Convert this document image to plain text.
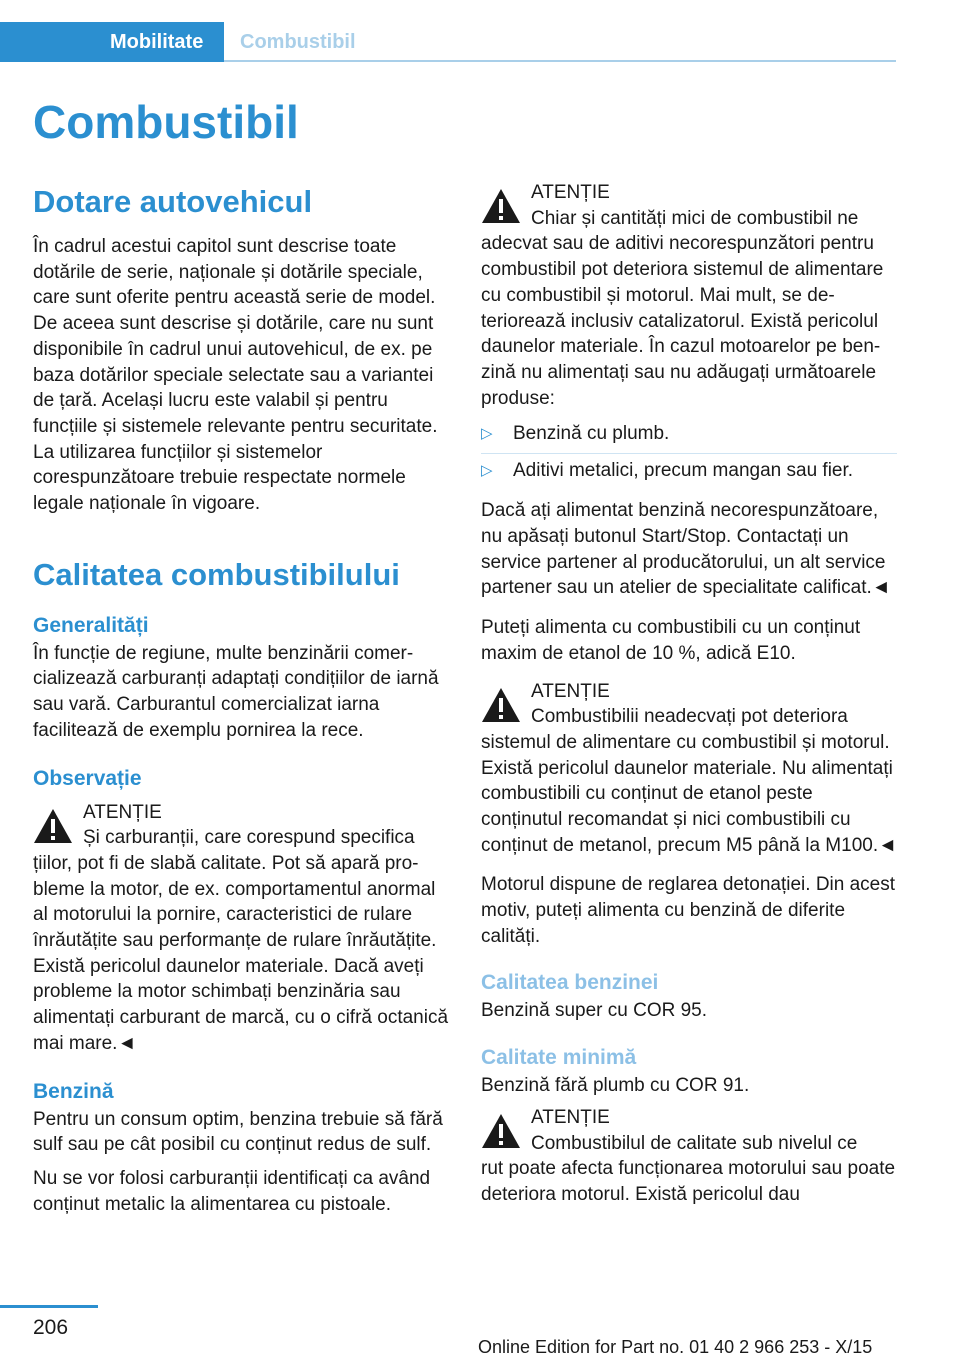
Mobilitate	Combustibil
Combustibil
Dotare autovehicul

În cadrul acestui capitol sunt descrise toate dotările de serie, naționale și dotările speciale, care sunt oferite pentru această serie de model. De aceea sunt descrise și dotările, care nu sunt disponibile în cadrul unui autovehicul, de ex. pe baza dotărilor speciale selectate sau a variantei de țară. Același lucru este valabil și pentru funcțiile și sistemele relevante pentru securitate. La utilizarea funcțiilor și sistemelor corespunzătoare trebuie respectate normele legale naționale în vigoare.

Calitatea combustibilului
Generalități

În funcție de regiune, multe benzinării comercializează carburanți adaptați condițiilor de iarnă sau vară. Carburantul comercializat iarna facilitează de exemplu pornirea la rece.

Observație
ATENȚIE
Și carburanții, care corespund specifica

țiilor, pot fi de slabă calitate. Pot să apară probleme la motor, de ex. comportamentul anormal al motorului la pornire, caracteristici de rulare înrăutățite sau performanțe de rulare înrăutățite. Există pericolul daunelor materiale. Dacă aveți probleme la motor schimbați benzinăria sau alimentați carburant de marcă, cu o cifră octanică mai mare.◄

Benzină

Pentru un consum optim, benzina trebuie să fără sulf sau pe cât posibil cu conținut redus de sulf.

Nu se vor folosi carburanții identificați ca având conținut metalic la alimentarea cu pistoale.

ATENȚIE
Chiar și cantități mici de combustibil ne

adecvat sau de aditivi necorespunzători pentru combustibil pot deteriora sistemul de alimentare cu combustibil și motorul. Mai mult, se deteriorează inclusiv catalizatorul. Există pericolul daunelor materiale. În cazul motoarelor pe benzină nu alimentați sau nu adăugați următoarele produse:

▷ Benzină cu plumb.
▷ Aditivi metalici, precum mangan sau fier.

Dacă ați alimentat benzină necorespunzătoare, nu apăsați butonul Start/Stop. Contactați un service partener al producătorului, un alt service partener sau un atelier de specialitate calificat.◄

Puteți alimenta cu combustibili cu un conținut maxim de etanol de 10 %, adică E10.

ATENȚIE
Combustibilii neadecvați pot deteriora

sistemul de alimentare cu combustibil și motorul. Există pericolul daunelor materiale. Nu alimentați combustibili cu conținut de etanol peste conținutul recomandat și nici combustibili cu conținut de metanol, precum M5 până la M100.◄

Motorul dispune de reglarea detonației. Din acest motiv, puteți alimenta cu benzină de diferite calități.

Calitatea benzinei

Benzină super cu COR 95.

Calitate minimă

Benzină fără plumb cu COR 91.

ATENȚIE
Combustibilul de calitate sub nivelul ce

rut poate afecta funcționarea motorului sau poate deteriora motorul. Există pericolul dau

206
Online Edition for Part no. 01 40 2 966 253 - X/15
